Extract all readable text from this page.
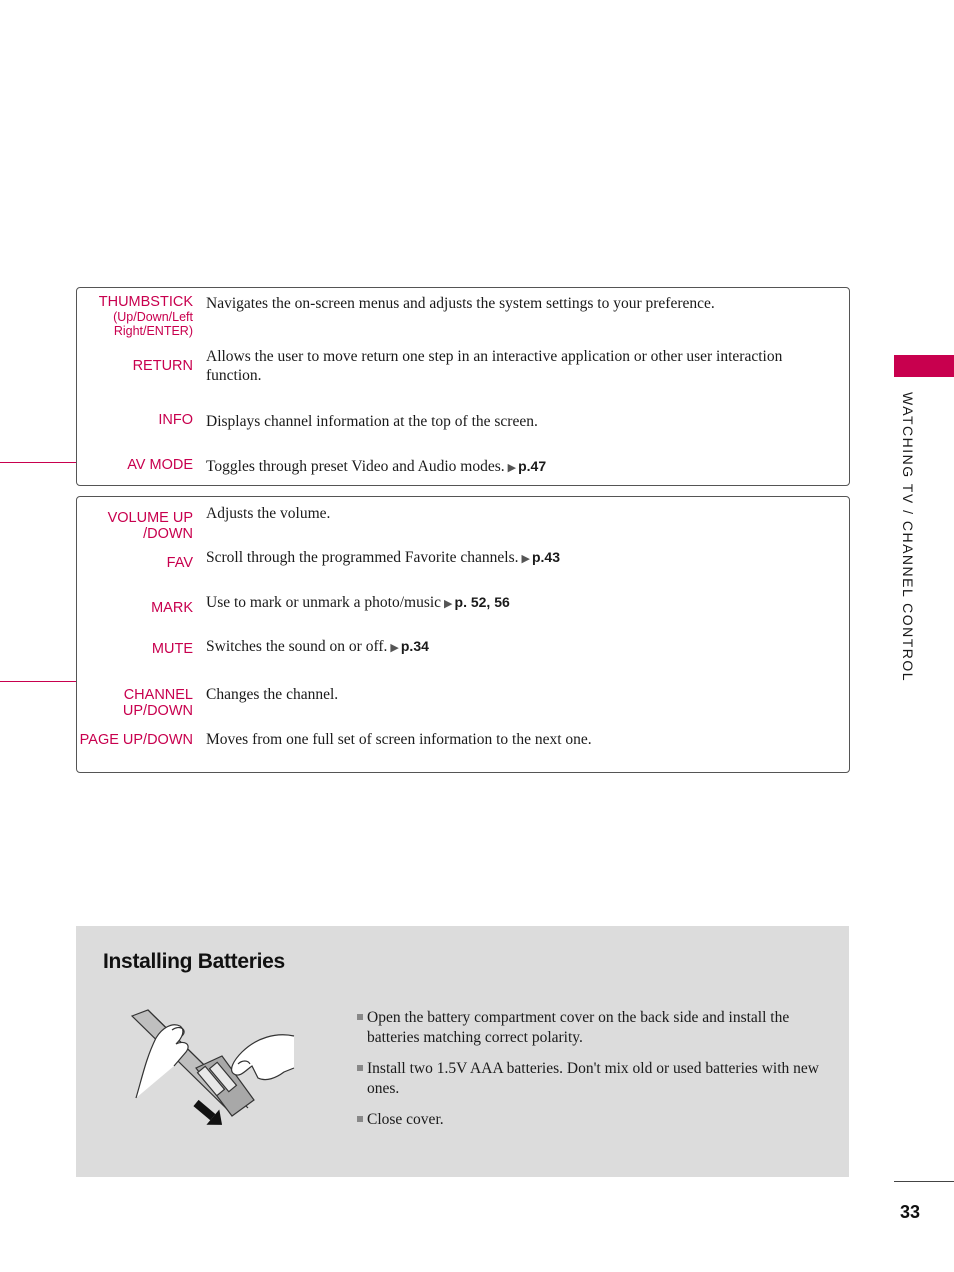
THUMBSTICK
(Up/Down/Left Right/ENTER)
Navigates the on-screen menus and adjusts the system settings to your preference.
RETURN
Allows the user to move return one step in an interactive application or other user interaction function.
INFO Displays channel information at the top of the screen.
AV MODE Toggles through preset Video and Audio modes. ▶ p.47
VOLUME UP /DOWN
Adjusts the volume.
FAV Scroll through the programmed Favorite channels. ▶ p.43
MARK Use to mark or unmark a photo/music ▶ p. 52, 56
MUTE Switches the sound on or off. ▶ p.34
CHANNEL UP/DOWN
Changes the channel.
PAGE UP/DOWN Moves from one full set of screen information to the next one.
WATCHING TV / CHANNEL CONTROL
Installing Batteries
Open the battery compartment cover on the back side and install the batteries matching correct polarity.
Install two 1.5V AAA batteries. Don't mix old or used batteries with new ones.
Close cover.
33
